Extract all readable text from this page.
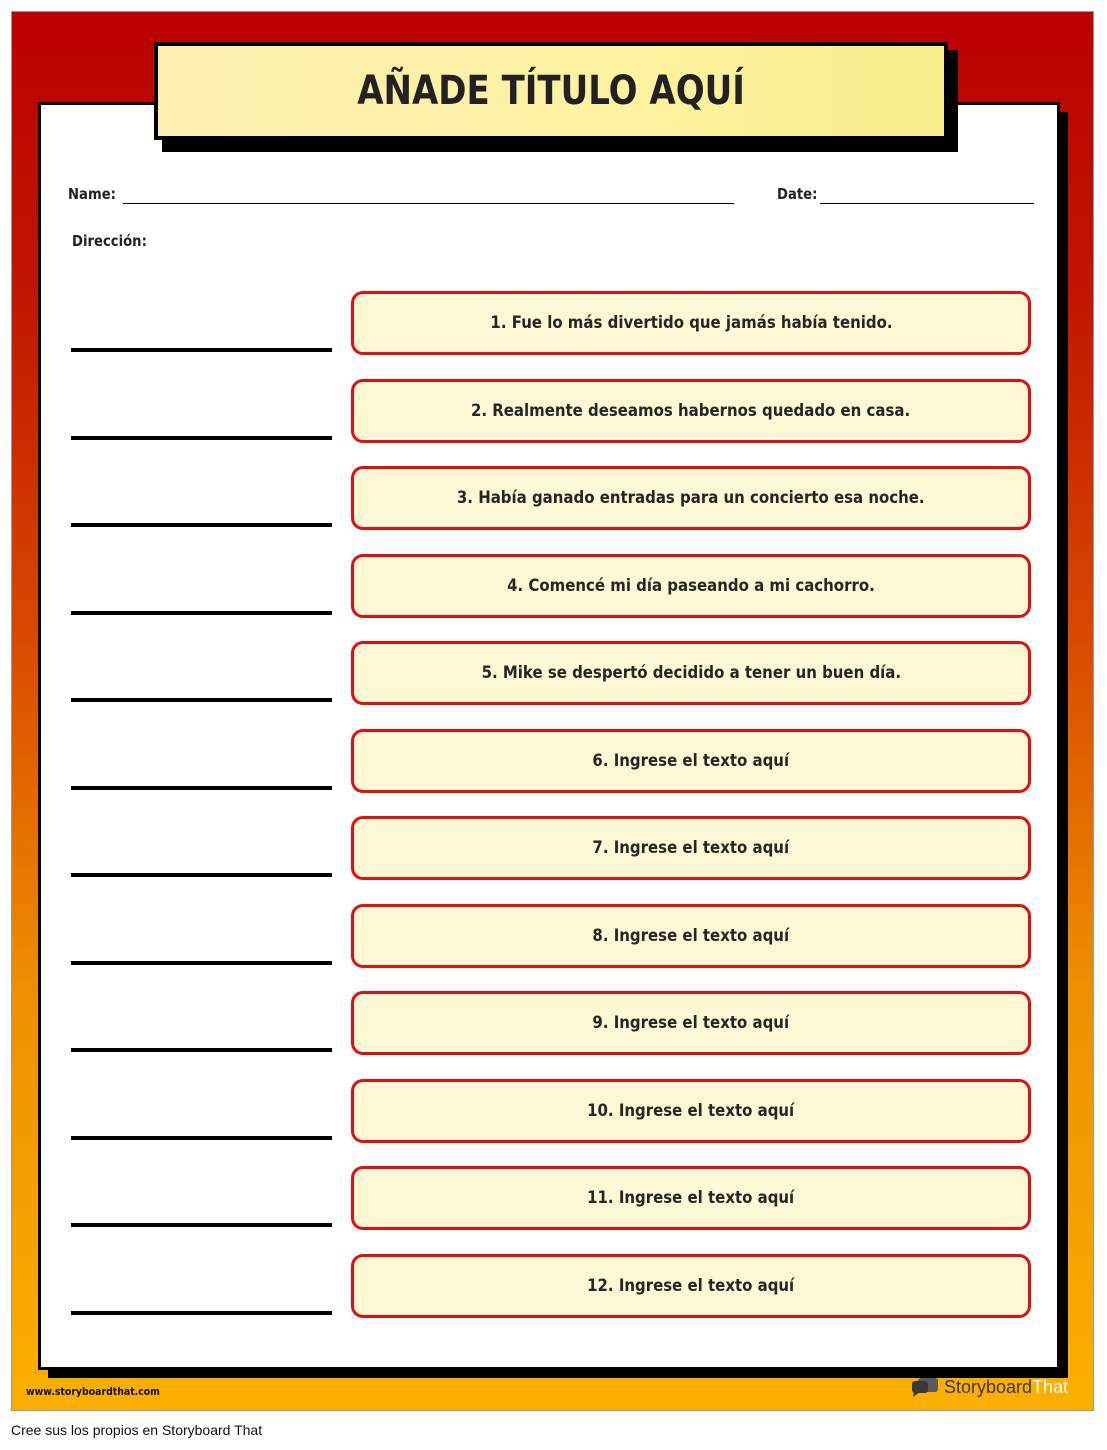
AÑADE TÍTULO AQUÍ
Name:	Date:
Dirección:
1. Fue lo más divertido que jamás había tenido.
2. Realmente deseamos habernos quedado en casa.
3. Había ganado entradas para un concierto esa noche.
4. Comencé mi día paseando a mi cachorro.
5. Mike se despertó decidido a tener un buen día.
6. Ingrese el texto aquí
7. Ingrese el texto aquí
8. Ingrese el texto aquí
9. Ingrese el texto aquí
10. Ingrese el texto aquí
11. Ingrese el texto aquí
12. Ingrese el texto aquí
www.storyboardthat.com	Storyboard That
Cree sus los propios en Storyboard That
